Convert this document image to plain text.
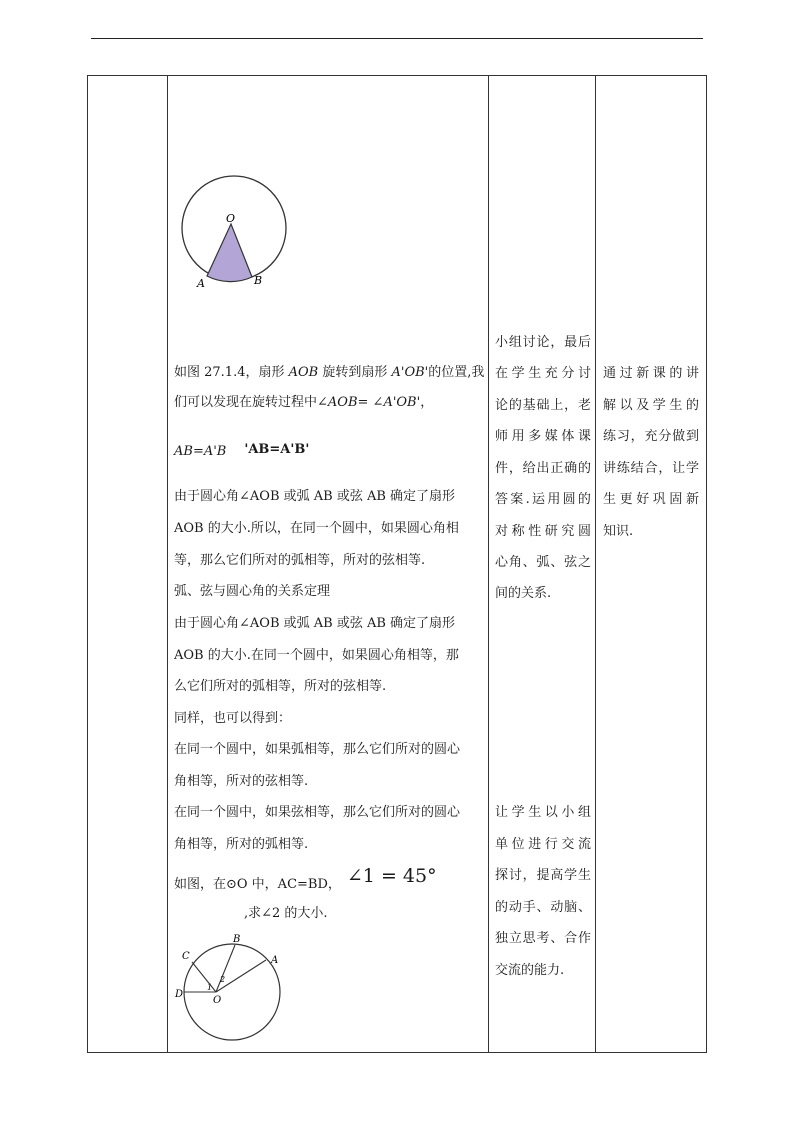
O
A	B
如图 27.1.4，扇形 AOB 旋转到扇形 A'OB'的位置,我
们可以发现在旋转过程中∠AOB= ∠A'OB'，
AB=A'B 'AB=A'B'
由于圆心角∠AOB 或弧 AB 或弦 AB 确定了扇形
AOB 的大小.所以，在同一个圆中，如果圆心角相
等，那么它们所对的弧相等，所对的弦相等.
弧、弦与圆心角的关系定理
由于圆心角∠AOB 或弧 AB 或弦 AB 确定了扇形
AOB 的大小.在同一个圆中，如果圆心角相等，那
么它们所对的弧相等，所对的弦相等.
同样，也可以得到：
在同一个圆中，如果弧相等，那么它们所对的圆心
角相等，所对的弦相等.
在同一个圆中，如果弦相等，那么它们所对的圆心
角相等，所对的弧相等.
如图，在⊙O 中，AC=BD， ∠1 = 45°
,求∠2 的大小.
B
A
C
D
O
1
2
小 组 讨 论 ， 最 后
在 学 生 充 分 讨
论 的 基 础 上 ， 老
师 用 多 媒 体 课
件 ， 给 出 正 确 的
答 案 . 运 用 圆 的
对 称 性 研 究 圆
心 角 、 弧 、 弦 之
间的关系.
让 学 生 以 小 组
单 位 进 行 交 流
探 讨 ， 提 高 学 生
的 动 手 、 动 脑 、
独 立 思 考 、 合 作
交流的能力.
通 过 新 课 的 讲
解 以 及 学 生 的
练 习 ， 充 分 做 到
讲 练 结 合 ， 让 学
生 更 好 巩 固 新
知识.
